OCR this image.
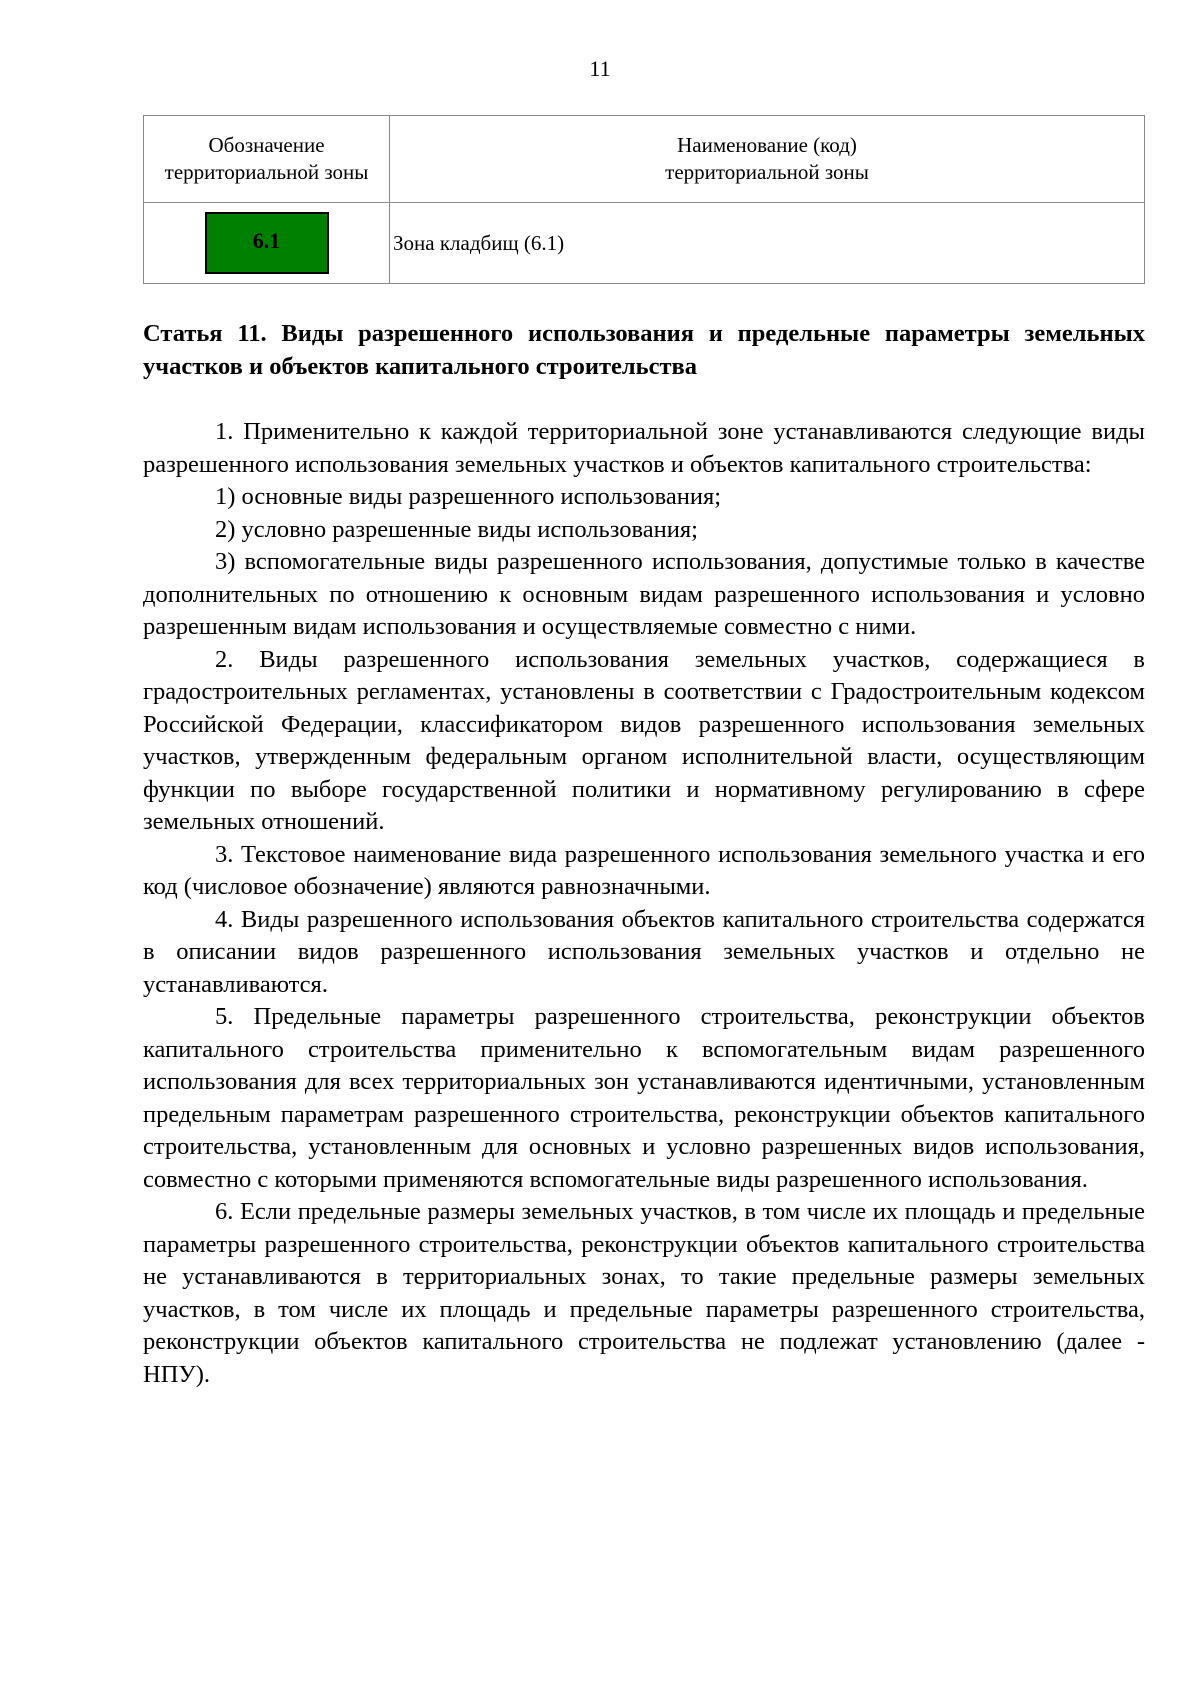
11
Обозначение территориальной зоны	Наименование (код)
территориальной зоны
6.1	Зона кладбищ (6.1)
Статья 11. Виды разрешенного использования и предельные параметры земельных участков и объектов капитального строительства

1. Применительно к каждой территориальной зоне устанавливаются следующие виды разрешенного использования земельных участков и объектов капитального строительства:

1) основные виды разрешенного использования;

2) условно разрешенные виды использования;

3) вспомогательные виды разрешенного использования, допустимые только в качестве дополнительных по отношению к основным видам разрешенного использования и условно разрешенным видам использования и осуществляемые совместно с ними.

2. Виды разрешенного использования земельных участков, содержащиеся в градостроительных регламентах, установлены в соответствии с Градостроительным кодексом Российской Федерации, классификатором видов разрешенного использования земельных участков, утвержденным федеральным органом исполнительной власти, осуществляющим функции по выборе государственной политики и нормативному регулированию в сфере земельных отношений.

3. Текстовое наименование вида разрешенного использования земельного участка и его код (числовое обозначение) являются равнозначными.

4. Виды разрешенного использования объектов капитального строительства содержатся в описании видов разрешенного использования земельных участков и отдельно не устанавливаются.

5. Предельные параметры разрешенного строительства, реконструкции объектов капитального строительства применительно к вспомогательным видам разрешенного использования для всех территориальных зон устанавливаются идентичными, установленным предельным параметрам разрешенного строительства, реконструкции объектов капитального строительства, установленным для основных и условно разрешенных видов использования, совместно с которыми применяются вспомогательные виды разрешенного использования.

6. Если предельные размеры земельных участков, в том числе их площадь и предельные параметры разрешенного строительства, реконструкции объектов капитального строительства не устанавливаются в территориальных зонах, то такие предельные размеры земельных участков, в том числе их площадь и предельные параметры разрешенного строительства, реконструкции объектов капитального строительства не подлежат установлению (далее - НПУ).
